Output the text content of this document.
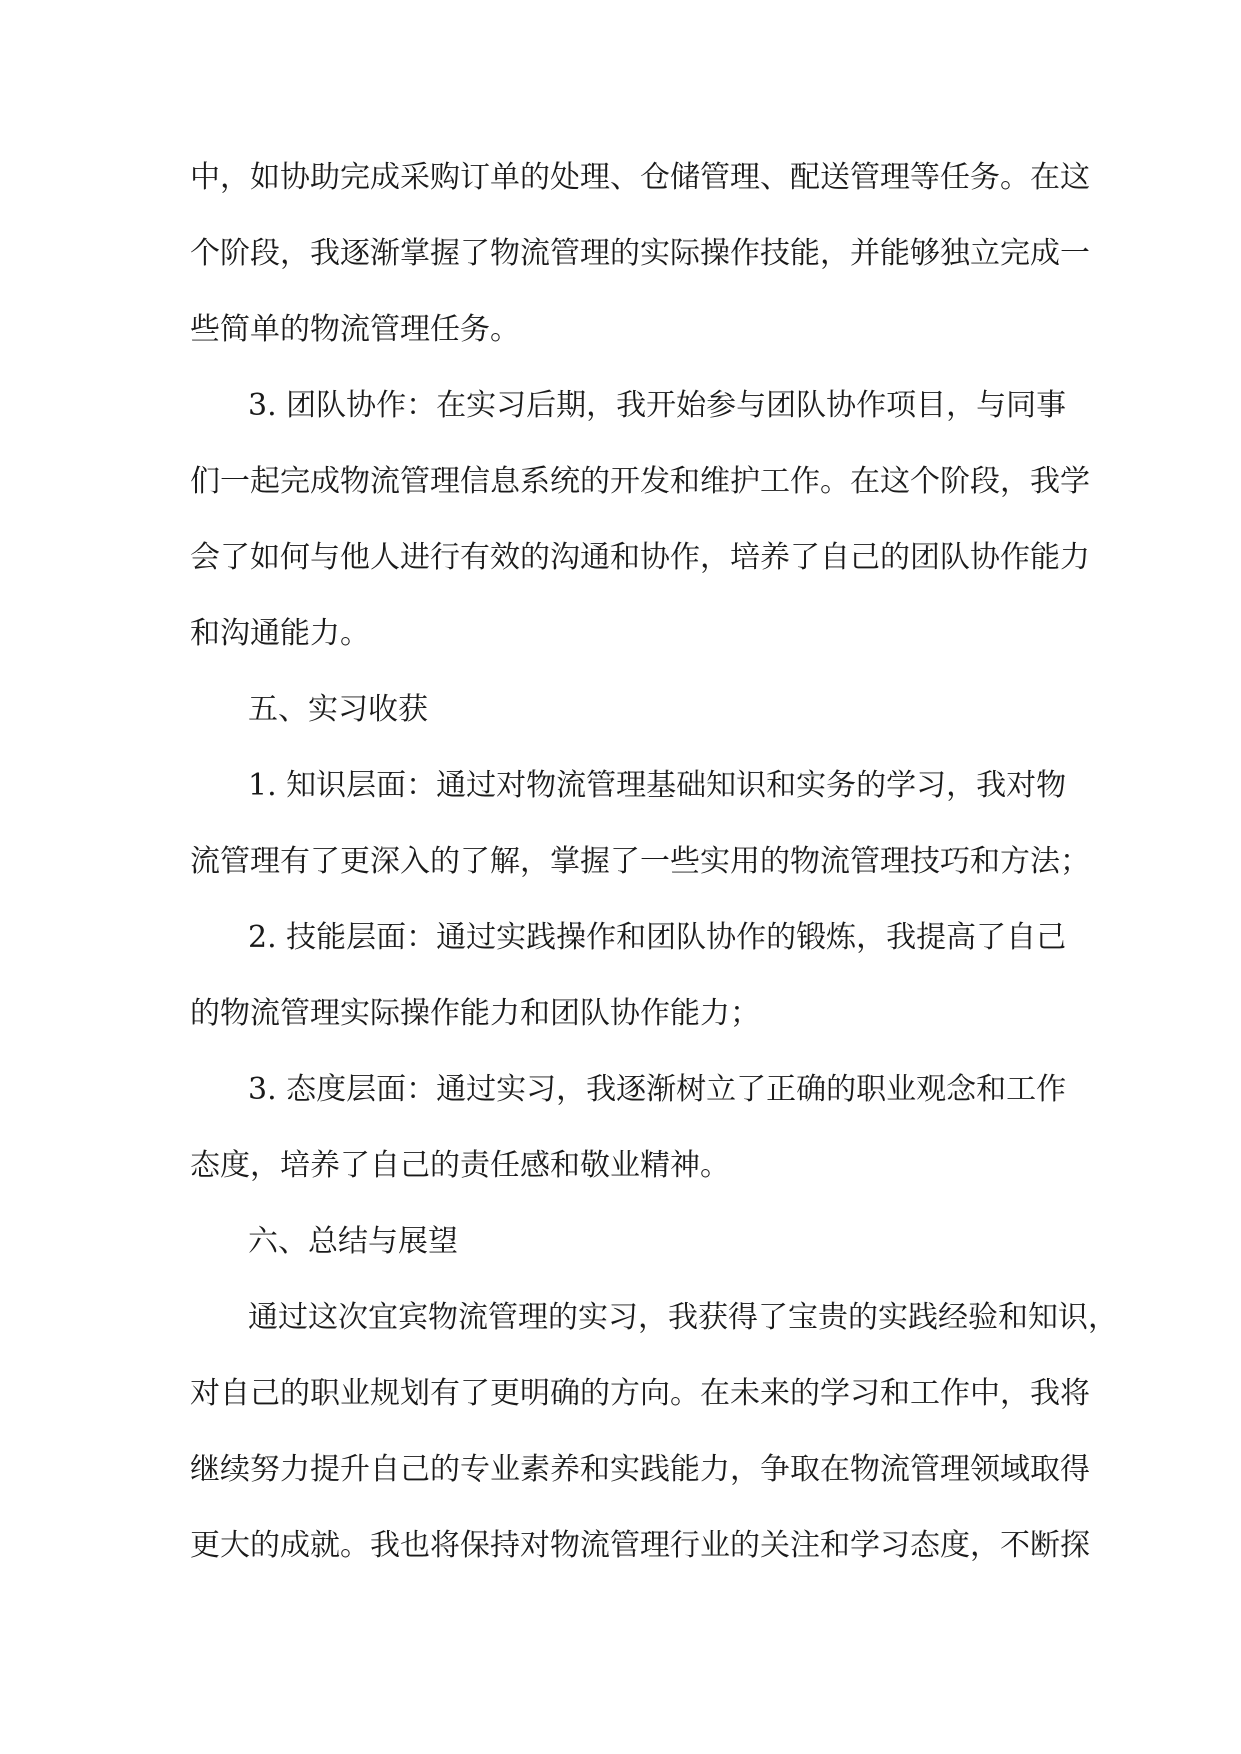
中，如协助完成采购订单的处理、仓储管理、配送管理等任务。在这
个阶段，我逐渐掌握了物流管理的实际操作技能，并能够独立完成一
些简单的物流管理任务。
3. 团队协作：在实习后期，我开始参与团队协作项目，与同事
们一起完成物流管理信息系统的开发和维护工作。在这个阶段，我学
会了如何与他人进行有效的沟通和协作，培养了自己的团队协作能力
和沟通能力。
五、实习收获
1. 知识层面：通过对物流管理基础知识和实务的学习，我对物
流管理有了更深入的了解，掌握了一些实用的物流管理技巧和方法；
2. 技能层面：通过实践操作和团队协作的锻炼，我提高了自己
的物流管理实际操作能力和团队协作能力；
3. 态度层面：通过实习，我逐渐树立了正确的职业观念和工作
态度，培养了自己的责任感和敬业精神。
六、总结与展望
通过这次宜宾物流管理的实习，我获得了宝贵的实践经验和知识，
对自己的职业规划有了更明确的方向。在未来的学习和工作中，我将
继续努力提升自己的专业素养和实践能力，争取在物流管理领域取得
更大的成就。我也将保持对物流管理行业的关注和学习态度，不断探
